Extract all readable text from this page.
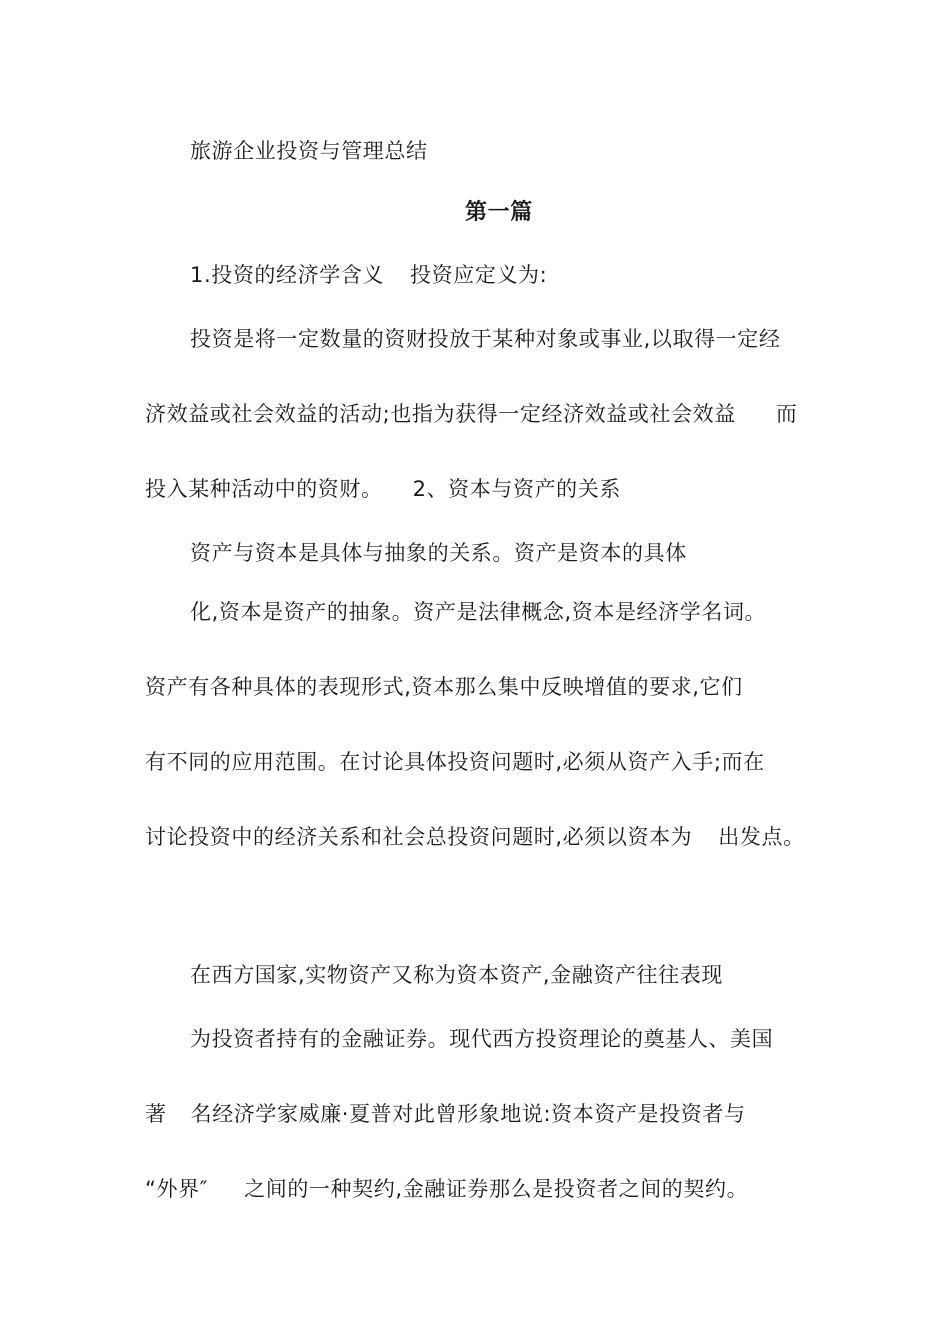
旅游企业投资与管理总结
第一篇
1.投资的经济学含义 投资应定义为:
投资是将一定数量的资财投放于某种对象或事业,以取得一定经
济效益或社会效益的活动;也指为获得一定经济效益或社会效益 而
投入某种活动中的资财。 2、资本与资产的关系
资产与资本是具体与抽象的关系。资产是资本的具体
化,资本是资产的抽象。资产是法律概念,资本是经济学名词。
资产有各种具体的表现形式,资本那么集中反映增值的要求,它们
有不同的应用范围。在讨论具体投资问题时,必须从资产入手;而在
讨论投资中的经济关系和社会总投资问题时,必须以资本为 出发点。
在西方国家,实物资产又称为资本资产,金融资产往往表现
为投资者持有的金融证券。现代西方投资理论的奠基人、美国
著 名经济学家威廉·夏普对此曾形象地说:资本资产是投资者与
“外界″ 之间的一种契约,金融证券那么是投资者之间的契约。
